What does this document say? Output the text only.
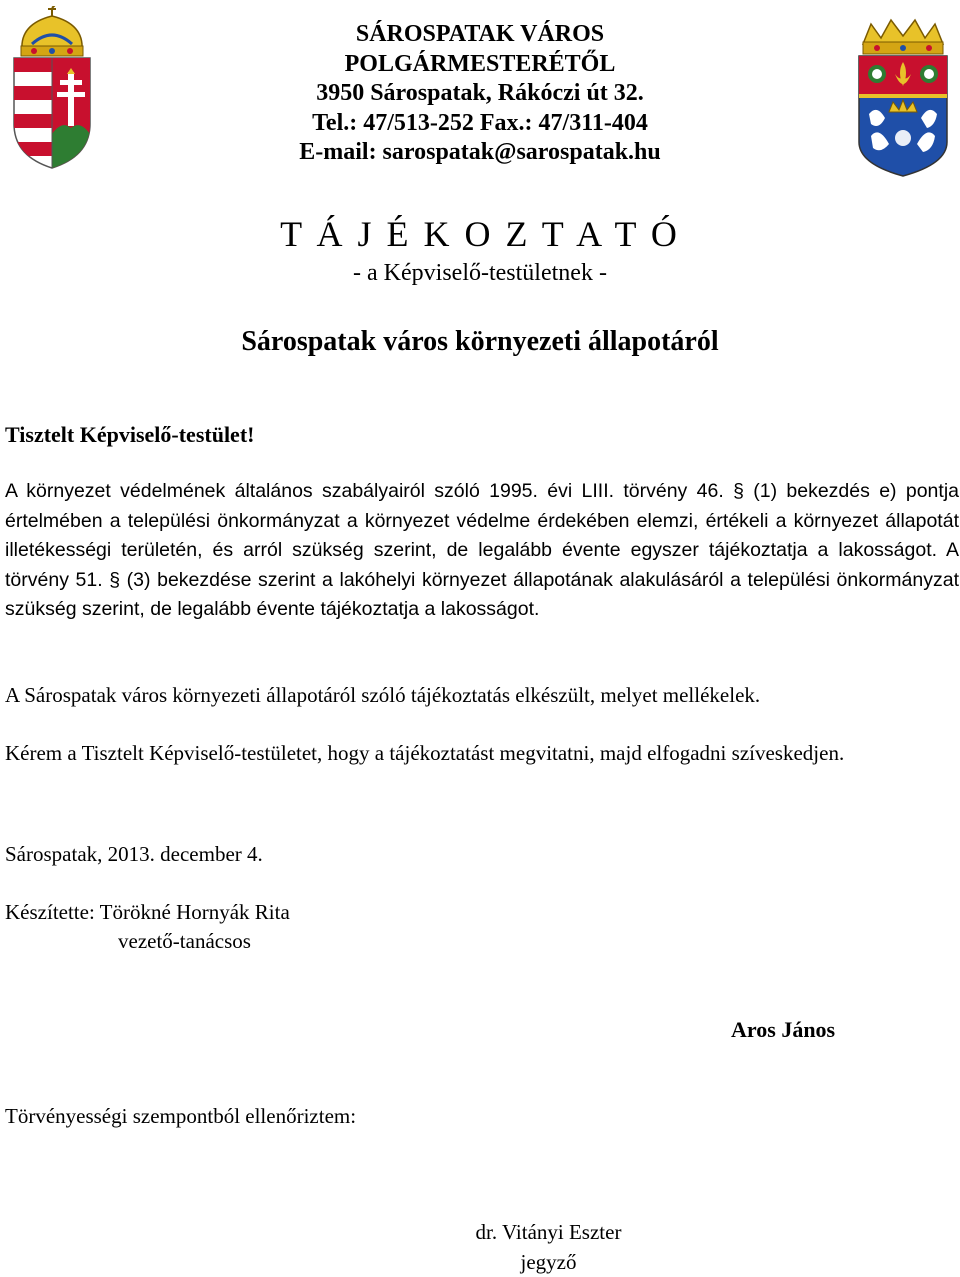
SÁROSPATAK VÁROS
POLGÁRMESTERÉTŐL
3950 Sárospatak, Rákóczi út 32.
Tel.: 47/513-252 Fax.: 47/311-404
E-mail: sarospatak@sarospatak.hu
T Á J É K O Z T A T Ó
- a Képviselő-testületnek -
Sárospatak város környezeti állapotáról
Tisztelt Képviselő-testület!
A környezet védelmének általános szabályairól szóló 1995. évi LIII. törvény 46. § (1) bekezdés e) pontja értelmében a települési önkormányzat a környezet védelme érdekében elemzi, értékeli a környezet állapotát illetékességi területén, és arról szükség szerint, de legalább évente egyszer tájékoztatja a lakosságot. A törvény 51. § (3) bekezdése szerint a lakóhelyi környezet állapotának alakulásáról a települési önkormányzat szükség szerint, de legalább évente tájékoztatja a lakosságot.
A Sárospatak város környezeti állapotáról szóló tájékoztatás elkészült, melyet mellékelek.
Kérem a Tisztelt Képviselő-testületet, hogy a tájékoztatást megvitatni, majd elfogadni szíveskedjen.
Sárospatak, 2013. december 4.
Készítette: Törökné Hornyák Rita
vezető-tanácsos
Aros János
Törvényességi szempontból ellenőriztem:
dr. Vitányi Eszter
jegyző
